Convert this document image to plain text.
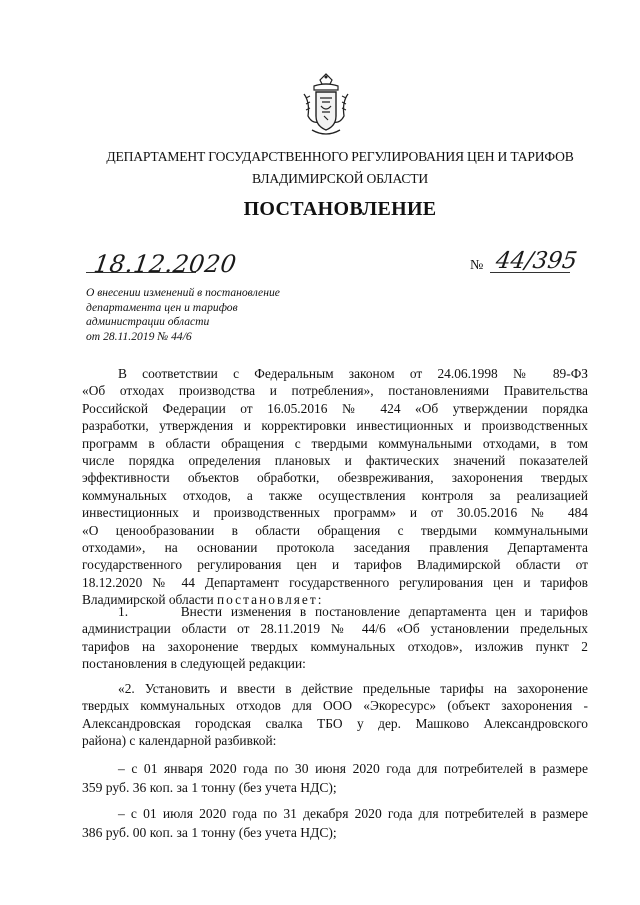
ДЕПАРТАМЕНТ ГОСУДАРСТВЕННОГО РЕГУЛИРОВАНИЯ ЦЕН И ТАРИФОВ
ВЛАДИМИРСКОЙ ОБЛАСТИ
ПОСТАНОВЛЕНИЕ
18.12.2020	№ 44/395
О внесении изменений в постановление
департамента цен и тарифов
администрации области
от 28.11.2019 № 44/6
В соответствии с Федеральным законом от 24.06.1998 № 89-ФЗ
«Об отходах производства и потребления», постановлениями Правительства
Российской Федерации от 16.05.2016 № 424 «Об утверждении порядка
разработки, утверждения и корректировки инвестиционных и производственных
программ в области обращения с твердыми коммунальными отходами, в том
числе порядка определения плановых и фактических значений показателей
эффективности объектов обработки, обезвреживания, захоронения твердых
коммунальных отходов, а также осуществления контроля за реализацией
инвестиционных и производственных программ» и от 30.05.2016 № 484
«О ценообразовании в области обращения с твердыми коммунальными
отходами», на основании протокола заседания правления Департамента
государственного регулирования цен и тарифов Владимирской области от
18.12.2020 № 44 Департамент государственного регулирования цен и тарифов
Владимирской области постановляет:
1.      Внести изменения в постановление департамента цен и тарифов
администрации области от 28.11.2019 № 44/6 «Об установлении предельных
тарифов на захоронение твердых коммунальных отходов», изложив пункт 2
постановления в следующей редакции:
«2. Установить и ввести в действие предельные тарифы на захоронение
твердых коммунальных отходов для ООО «Экоресурс» (объект захоронения -
Александровская городская свалка ТБО у дер. Машково Александровского
района) с календарной разбивкой:
– с 01 января 2020 года по 30 июня 2020 года для потребителей в размере
359 руб. 36 коп. за 1 тонну (без учета НДС);
– с 01 июля 2020 года по 31 декабря 2020 года для потребителей в размере
386 руб. 00 коп. за 1 тонну (без учета НДС);
